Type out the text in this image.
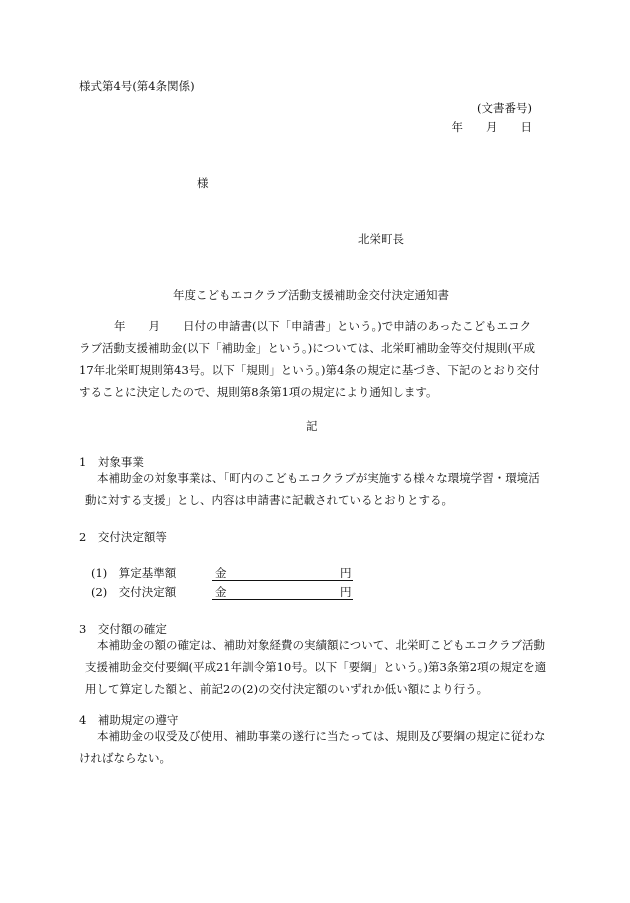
様式第4号(第4条関係)

(文書番号)

年　　月　　日

様

北栄町長

年度こどもエコクラブ活動支援補助金交付決定通知書

年　　月　　日付の申請書(以下「申請書」という。)で申請のあったこどもエコク
ラブ活動支援補助金(以下「補助金」という。)については、北栄町補助金等交付規則(平成
17年北栄町規則第43号。以下「規則」という。)第4条の規定に基づき、下記のとおり交付
することに決定したので、規則第8条第1項の規定により通知します。

記

1　対象事業

本補助金の対象事業は、「町内のこどもエコクラブが実施する様々な環境学習・環境活
動に対する支援」とし、内容は申請書に記載されているとおりとする。

2　交付決定額等

(1)　算定基準額	金	円

(2)　交付決定額	金	円

3　交付額の確定

本補助金の額の確定は、補助対象経費の実績額について、北栄町こどもエコクラブ活動
支援補助金交付要綱(平成21年訓令第10号。以下「要綱」という。)第3条第2項の規定を適
用して算定した額と、前記2の(2)の交付決定額のいずれか低い額により行う。

4　補助規定の遵守

本補助金の収受及び使用、補助事業の遂行に当たっては、規則及び要綱の規定に従わな
ければならない。
